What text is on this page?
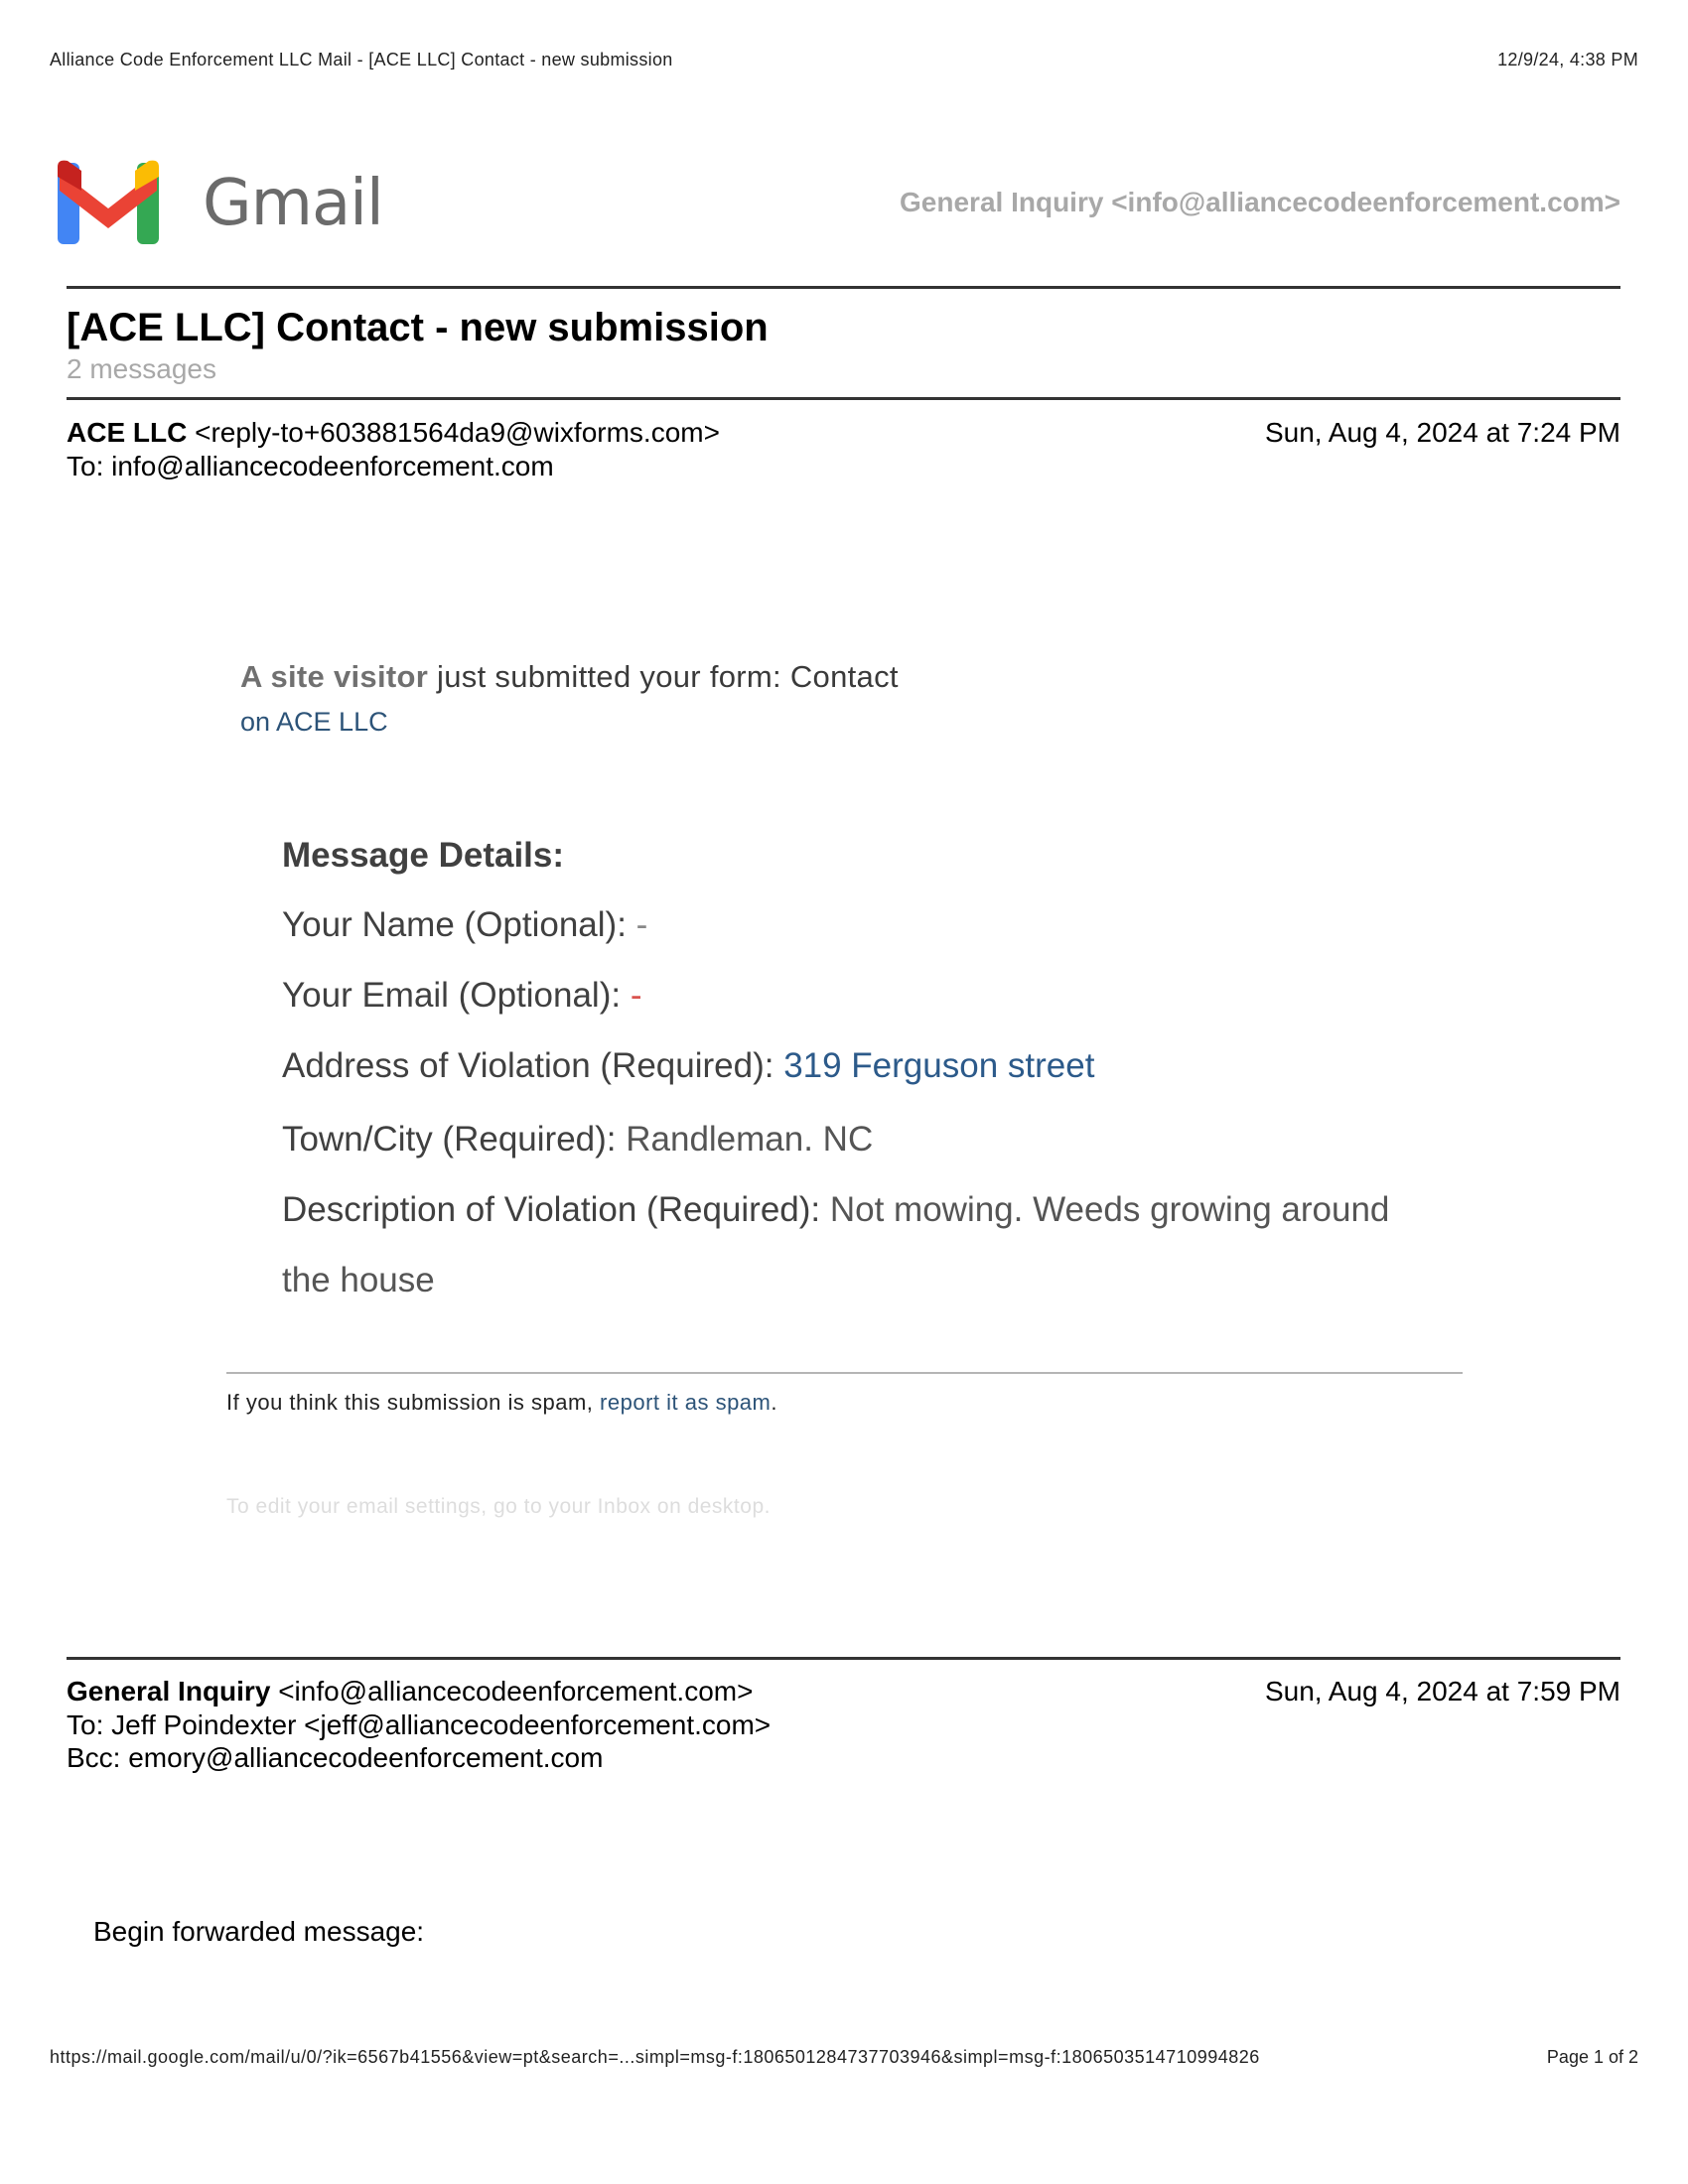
Alliance Code Enforcement LLC Mail - [ACE LLC] Contact - new submission	12/9/24, 4:38 PM
Gmail	General Inquiry <info@alliancecodeenforcement.com>
[ACE LLC] Contact - new submission
2 messages
ACE LLC <reply-to+603881564da9@wixforms.com>	Sun, Aug 4, 2024 at 7:24 PM
To: info@alliancecodeenforcement.com
A site visitor just submitted your form: Contact
on ACE LLC
Message Details:
Your Name (Optional): -
Your Email (Optional): -
Address of Violation (Required): 319 Ferguson street
Town/City (Required): Randleman. NC
Description of Violation (Required): Not mowing. Weeds growing around
the house
If you think this submission is spam, report it as spam.
To edit your email settings, go to your Inbox on desktop.
General Inquiry <info@alliancecodeenforcement.com>	Sun, Aug 4, 2024 at 7:59 PM
To: Jeff Poindexter <jeff@alliancecodeenforcement.com>
Bcc: emory@alliancecodeenforcement.com
Begin forwarded message:
https://mail.google.com/mail/u/0/?ik=6567b41556&view=pt&search=...simpl=msg-f:1806501284737703946&simpl=msg-f:1806503514710994826	Page 1 of 2
